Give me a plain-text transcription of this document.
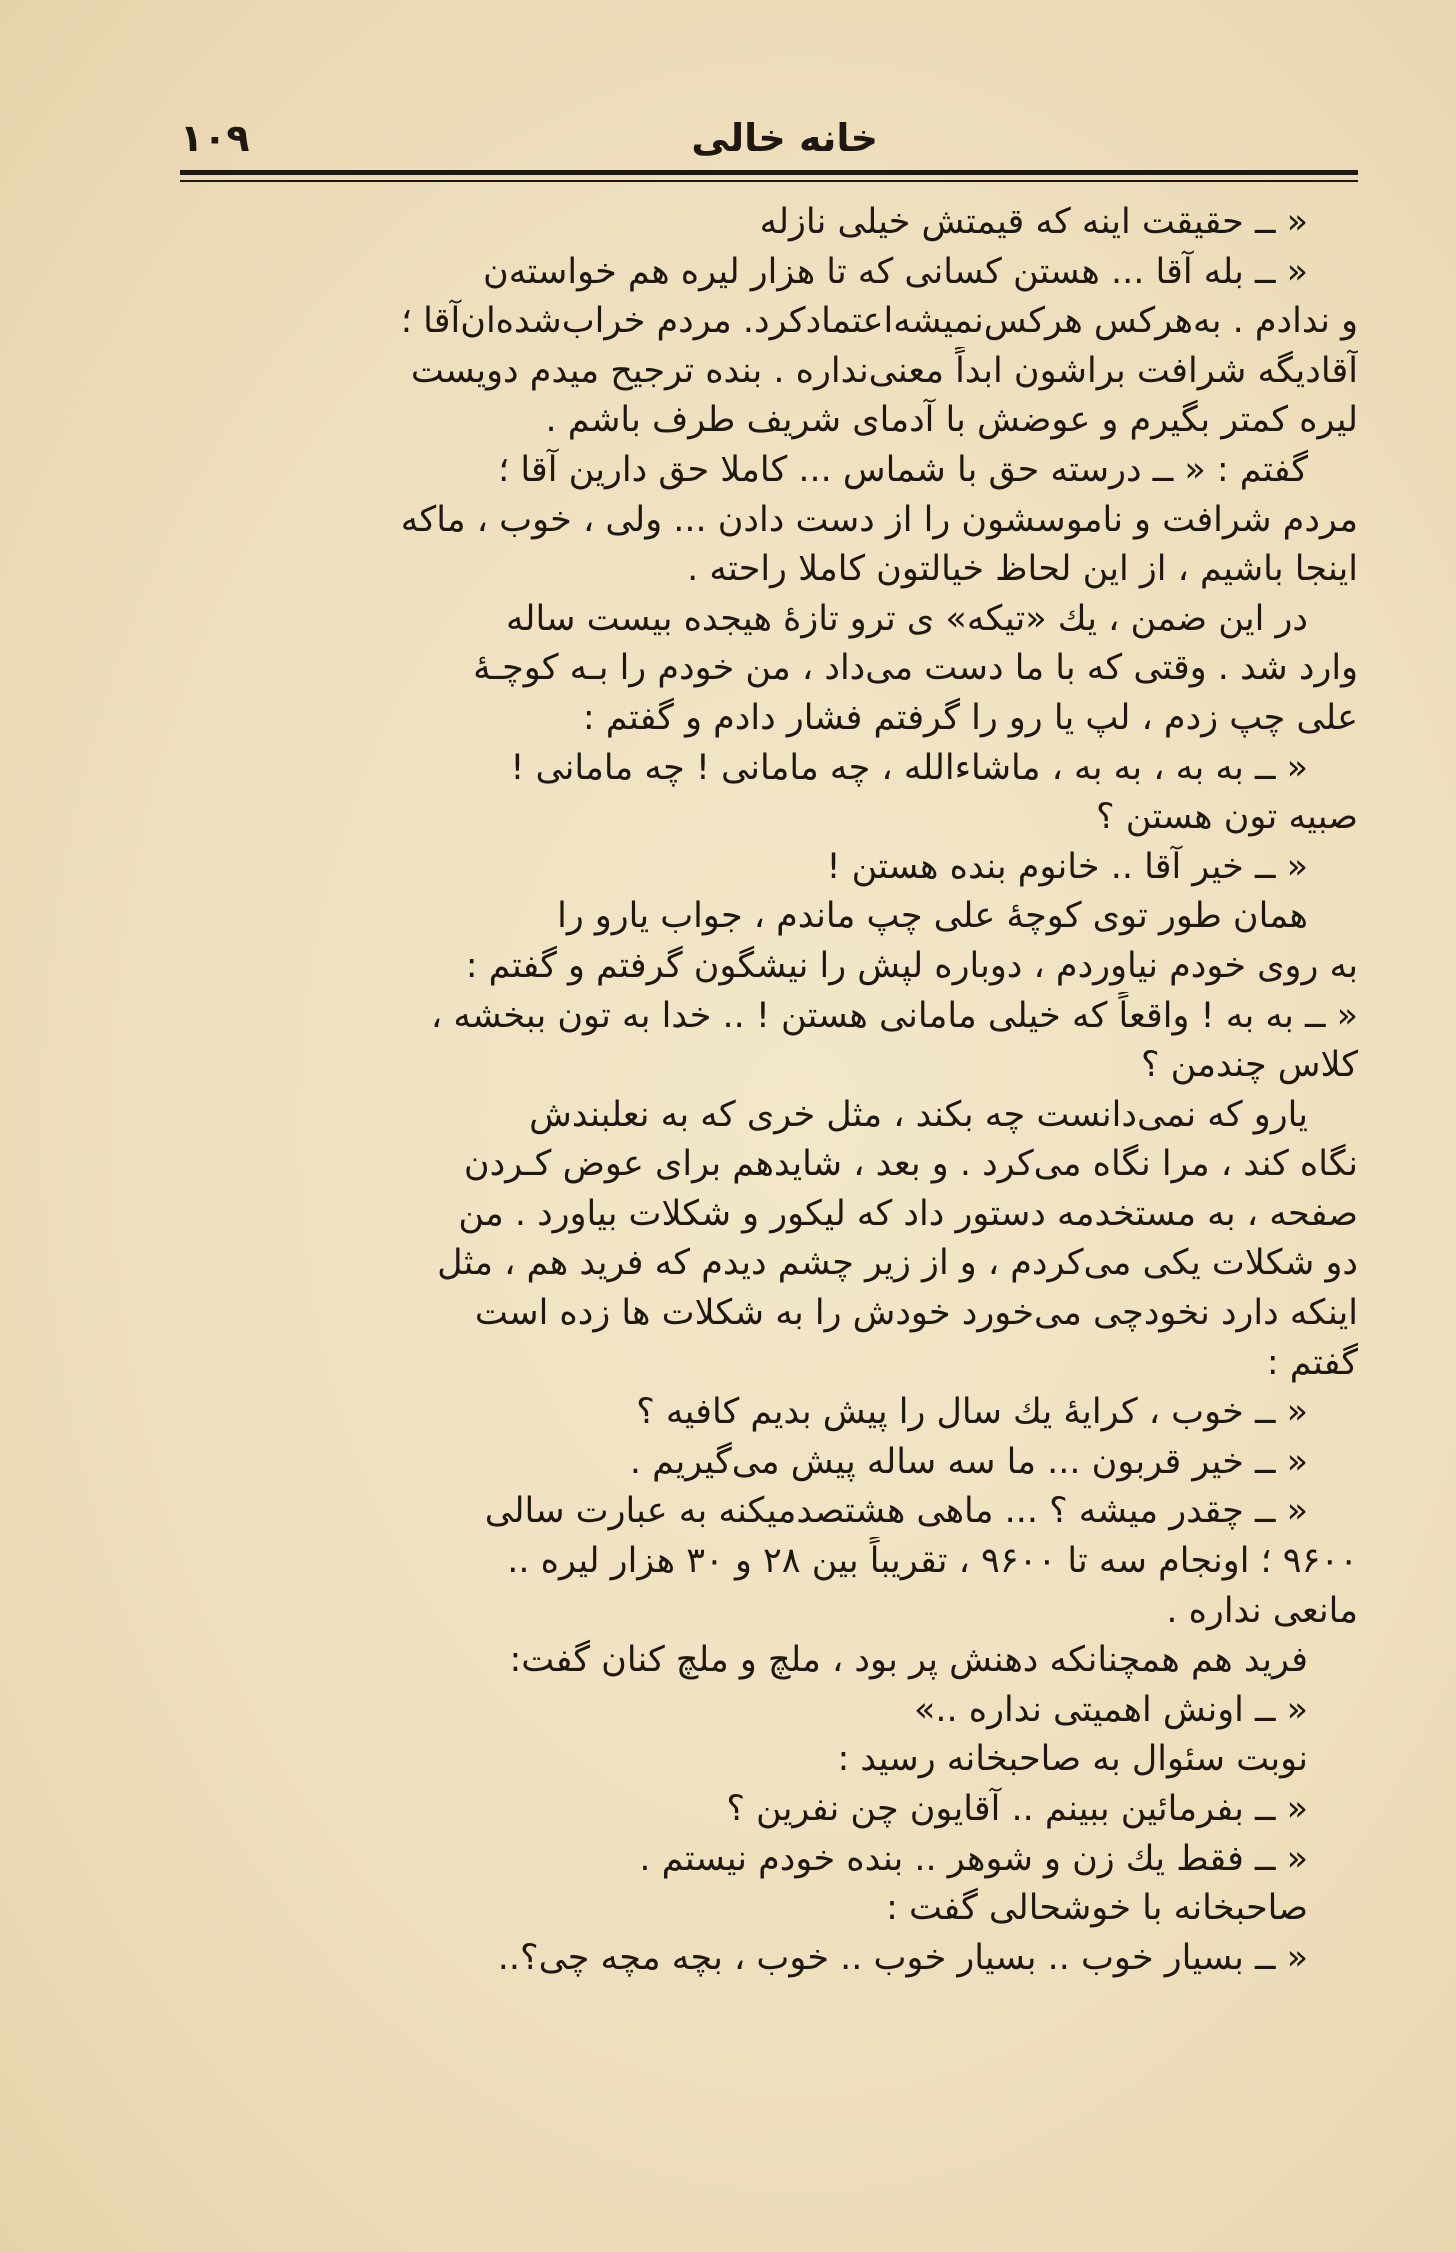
خانه خالی
۱۰۹
« ــ حقیقت اینه که قیمتش خیلی نازله
« ــ بله آقا ... هستن کسانی که تا هزار لیره هم خواسته‌ن
و ندادم . به‌هرکس هرکس‌نمیشه‌اعتمادکرد. مردم خراب‌شده‌ان‌آقا ؛
آقادیگه شرافت براشون ابداً معنی‌نداره . بنده ترجیح میدم دویست
لیره کمتر بگیرم و عوضش با آدمای شریف طرف باشم .
گفتم : « ــ درسته حق با شماس ... کاملا حق دارین آقا ؛
مردم شرافت و ناموسشون را از دست دادن ... ولی ، خوب ، ماکه
اینجا باشیم ، از این لحاظ خیالتون کاملا راحته .
در این ضمن ، یك «تیکه» ی ترو تازهٔ هیجده بیست ساله
وارد شد . وقتی که با ما دست می‌داد ، من خودم را بـه کوچـهٔ
علی چپ زدم ، لپ یا رو را گرفتم فشار دادم و گفتم :
« ــ به به ، به به ، ماشاءالله ، چه مامانی ! چه مامانی !
صبیه تون هستن ؟
« ــ خیر آقا .. خانوم بنده هستن !
همان طور توی کوچهٔ علی چپ ماندم ، جواب یارو را
به روی خودم نیاوردم ، دوباره لپش را نیشگون گرفتم و گفتم :
« ــ به به ! واقعاً که خیلی مامانی هستن ! .. خدا به تون ببخشه ،
کلاس چندمن ؟
یارو که نمی‌دانست چه بکند ، مثل خری که به نعلبندش
نگاه کند ، مرا نگاه می‌کرد . و بعد ، شایدهم برای عوض کـردن
صفحه ، به مستخدمه دستور داد که لیکور و شکلات بیاورد . من
دو شکلات یکی می‌کردم ، و از زیر چشم دیدم که فرید هم ، مثل
اینکه دارد نخودچی می‌خورد خودش را به شکلات ها زده است
گفتم :
« ــ خوب ، کرایهٔ یك سال را پیش بدیم کافیه ؟
« ــ خیر قربون ... ما سه ساله پیش می‌گیریم .
« ــ چقدر میشه ؟ ... ماهی هشتصدمیکنه به عبارت سالی
۹۶۰۰ ؛ اونجام سه تا ۹۶۰۰ ، تقریباً بین ۲۸ و ۳۰ هزار لیره ..
مانعی نداره .
فرید هم همچنانکه دهنش پر بود ، ملچ و ملچ کنان گفت:
« ــ اونش اهمیتی نداره ..»
نوبت سئوال به صاحبخانه رسید :
« ــ بفرمائین ببینم .. آقایون چن نفرین ؟
« ــ فقط یك زن و شوهر .. بنده خودم نیستم .
صاحبخانه با خوشحالی گفت :
« ــ بسیار خوب .. بسیار خوب .. خوب ، بچه مچه چی؟..
